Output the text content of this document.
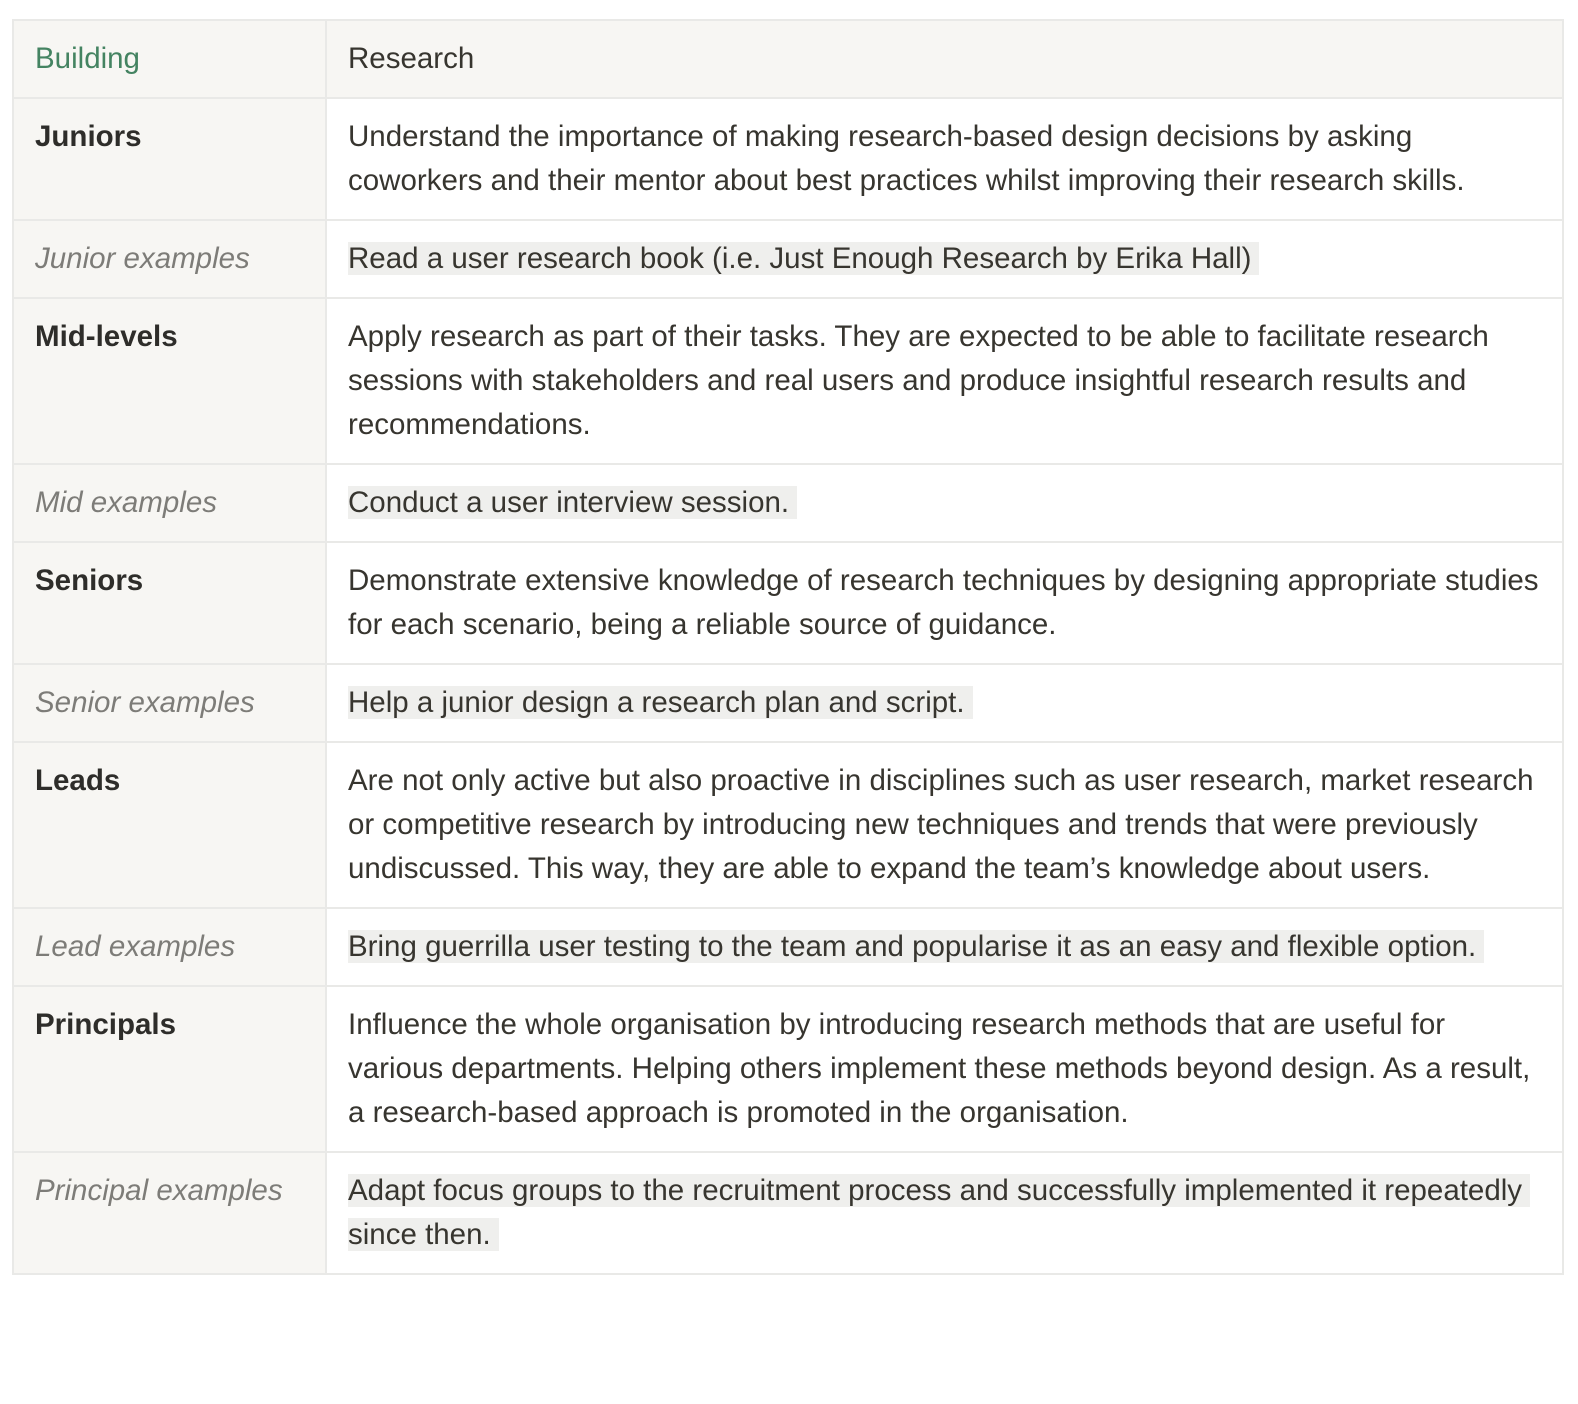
Building	Research
Juniors	Understand the importance of making research-based design decisions by asking coworkers and their mentor about best practices whilst improving their research skills.
Junior examples	Read a user research book (i.e. Just Enough Research by Erika Hall)
Mid-levels	Apply research as part of their tasks. They are expected to be able to facilitate research sessions with stakeholders and real users and produce insightful research results and recommendations.
Mid examples	Conduct a user interview session.
Seniors	Demonstrate extensive knowledge of research techniques by designing appropriate studies for each scenario, being a reliable source of guidance.
Senior examples	Help a junior design a research plan and script.
Leads	Are not only active but also proactive in disciplines such as user research, market research or competitive research by introducing new techniques and trends that were previously undiscussed. This way, they are able to expand the team’s knowledge about users.
Lead examples	Bring guerrilla user testing to the team and popularise it as an easy and flexible option.
Principals	Influence the whole organisation by introducing research methods that are useful for various departments. Helping others implement these methods beyond design. As a result, a research-based approach is promoted in the organisation.
Principal examples	Adapt focus groups to the recruitment process and successfully implemented it repeatedly since then.
